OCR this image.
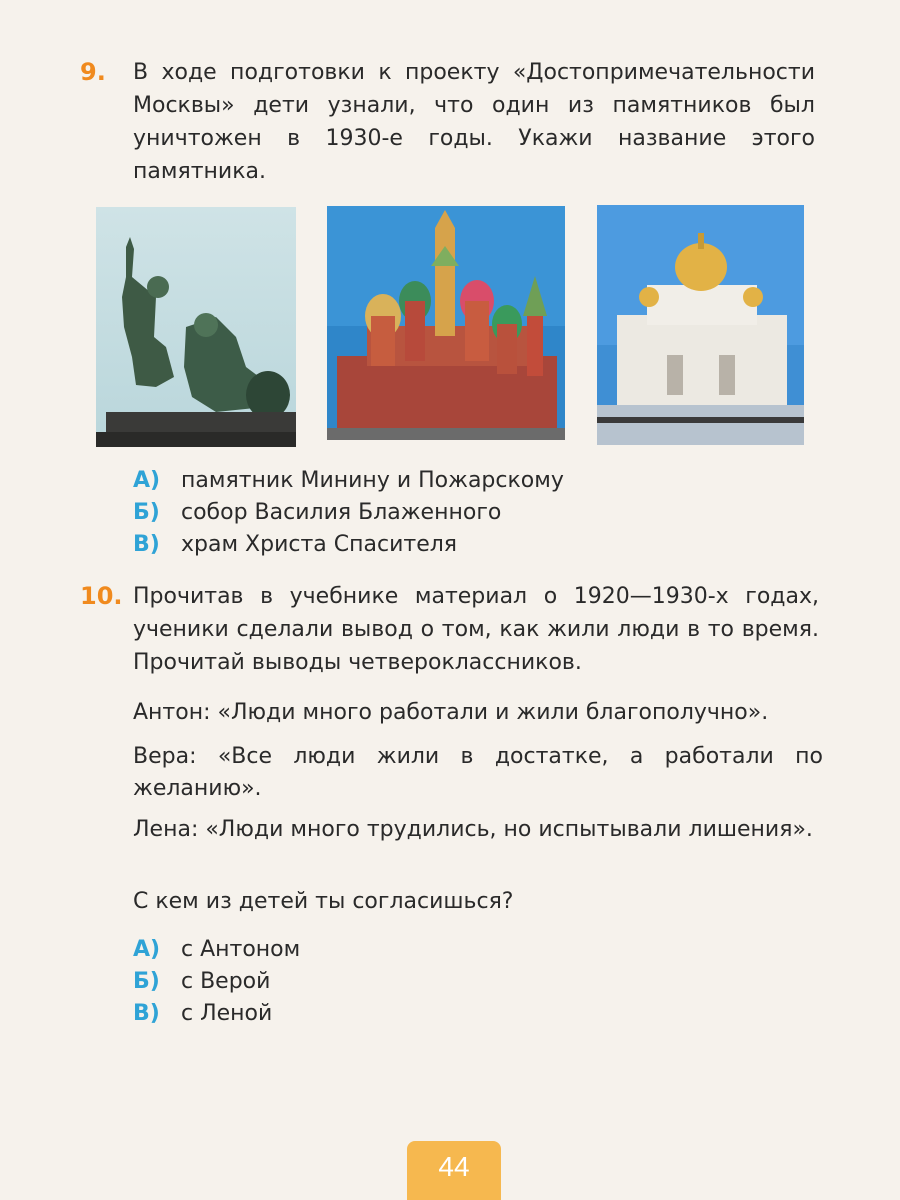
9. В ходе подготовки к проекту «Достопримечательности Москвы» дети узнали, что один из памятников был уничтожен в 1930-е годы. Укажи название этого памятника.
А) памятник Минину и Пожарскому
Б) собор Василия Блаженного
В) храм Христа Спасителя
10. Прочитав в учебнике материал о 1920—1930-х годах, ученики сделали вывод о том, как жили люди в то время. Прочитай выводы четвероклассников.
Антон: «Люди много работали и жили благополучно».
Вера: «Все люди жили в достатке, а работали по желанию».
Лена: «Люди много трудились, но испытывали лишения».
С кем из детей ты согласишься?
А) с Антоном
Б) с Верой
В) с Леной
44
